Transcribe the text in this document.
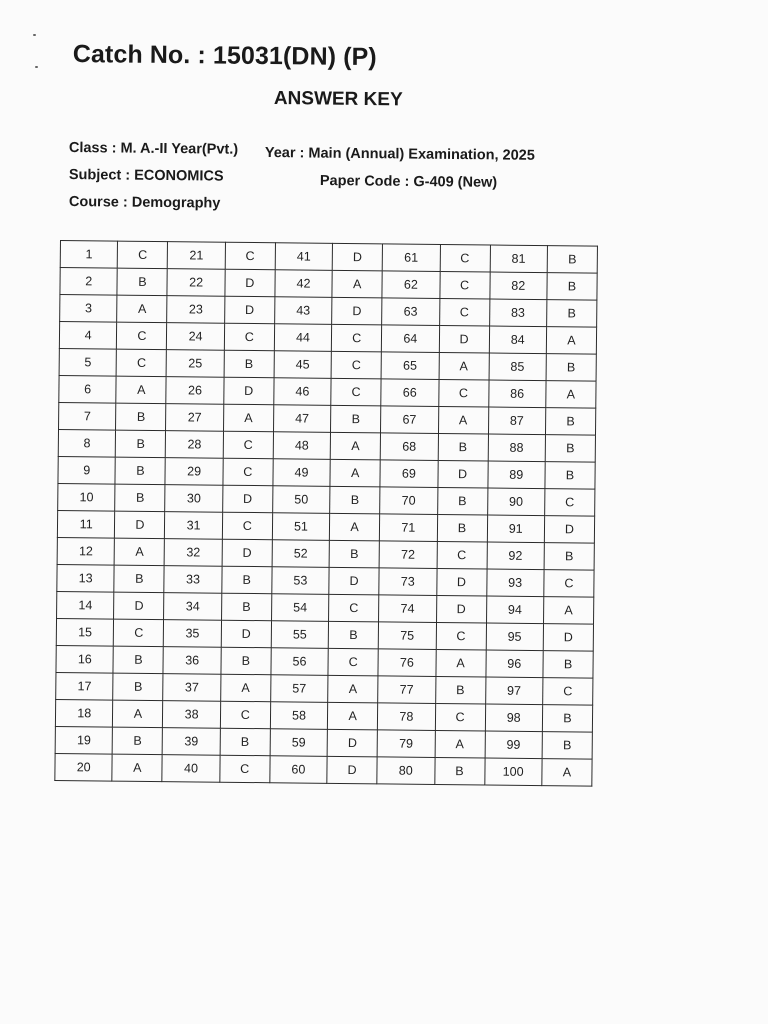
Catch No. : 15031(DN) (P)
ANSWER KEY
Class : M. A.-II Year(Pvt.)
Subject : ECONOMICS
Course : Demography
Year : Main (Annual) Examination, 2025
Paper Code : G-409 (New)
1	C	21	C	41	D	61	C	81	B
2	B	22	D	42	A	62	C	82	B
3	A	23	D	43	D	63	C	83	B
4	C	24	C	44	C	64	D	84	A
5	C	25	B	45	C	65	A	85	B
6	A	26	D	46	C	66	C	86	A
7	B	27	A	47	B	67	A	87	B
8	B	28	C	48	A	68	B	88	B
9	B	29	C	49	A	69	D	89	B
10	B	30	D	50	B	70	B	90	C
11	D	31	C	51	A	71	B	91	D
12	A	32	D	52	B	72	C	92	B
13	B	33	B	53	D	73	D	93	C
14	D	34	B	54	C	74	D	94	A
15	C	35	D	55	B	75	C	95	D
16	B	36	B	56	C	76	A	96	B
17	B	37	A	57	A	77	B	97	C
18	A	38	C	58	A	78	C	98	B
19	B	39	B	59	D	79	A	99	B
20	A	40	C	60	D	80	B	100	A
